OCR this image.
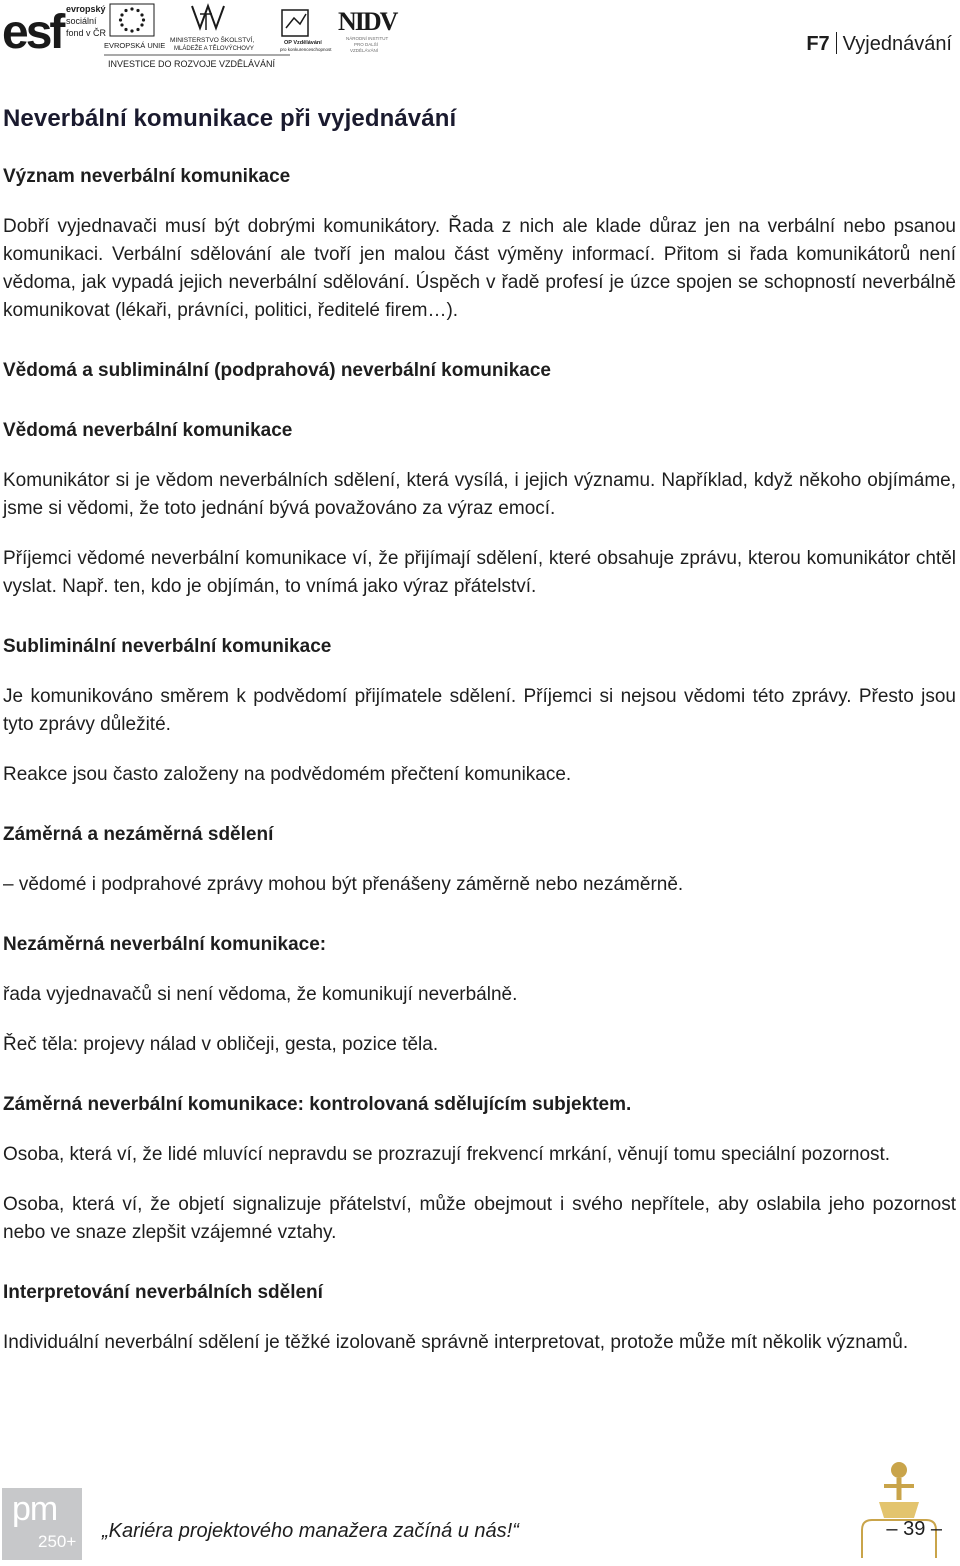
esf evropský
sociální
fond v ČR
EVROPSKÁ UNIE
MINISTERSTVO ŠKOLSTVÍ,
MLÁDEŽE A TĚLOVÝCHOVY
OP Vzdělávání
pro konkurenceschopnost
NIDV
NÁRODNÍ INSTITUT
PRO DALŠÍ
VZDĚLÁVÁNÍ
INVESTICE DO ROZVOJE VZDĚLÁVÁNÍ
F7 Vyjednávání
Neverbální komunikace při vyjednávání
Význam neverbální komunikace

Dobří vyjednavači musí být dobrými komunikátory. Řada z nich ale klade důraz jen na verbální nebo psanou komunikaci. Verbální sdělování ale tvoří jen malou část výměny informací. Přitom si řada komunikátorů není vědoma, jak vypadá jejich neverbální sdělování. Úspěch v řadě profesí je úzce spojen se schopností neverbálně komunikovat (lékaři, právníci, politici, ředitelé firem…).

Vědomá a subliminální (podprahová) neverbální komunikace
Vědomá neverbální komunikace

Komunikátor si je vědom neverbálních sdělení, která vysílá, i jejich významu. Například, když někoho objímáme, jsme si vědomi, že toto jednání bývá považováno za výraz emocí.

Příjemci vědomé neverbální komunikace ví, že přijímají sdělení, které obsahuje zprávu, kterou komunikátor chtěl vyslat. Např. ten, kdo je objímán, to vnímá jako výraz přátelství.

Subliminální neverbální komunikace

Je komunikováno směrem k podvědomí přijímatele sdělení. Příjemci si nejsou vědomi této zprávy. Přesto jsou tyto zprávy důležité.

Reakce jsou často založeny na podvědomém přečtení komunikace.

Záměrná a nezáměrná sdělení

– vědomé i podprahové zprávy mohou být přenášeny záměrně nebo nezáměrně.

Nezáměrná neverbální komunikace:

řada vyjednavačů si není vědoma, že komunikují neverbálně.

Řeč těla: projevy nálad v obličeji, gesta, pozice těla.

Záměrná neverbální komunikace: kontrolovaná sdělujícím subjektem.

Osoba, která ví, že lidé mluvící nepravdu se prozrazují frekvencí mrkání, věnují tomu speciální pozornost.

Osoba, která ví, že objetí signalizuje přátelství, může obejmout i svého nepřítele, aby oslabila jeho pozornost nebo ve snaze zlepšit vzájemné vztahy.

Interpretování neverbálních sdělení

Individuální neverbální sdělení je těžké izolovaně správně interpretovat, protože může mít několik významů.

pm
250+ „Kariéra projektového manažera začíná u nás!“	– 39 –
